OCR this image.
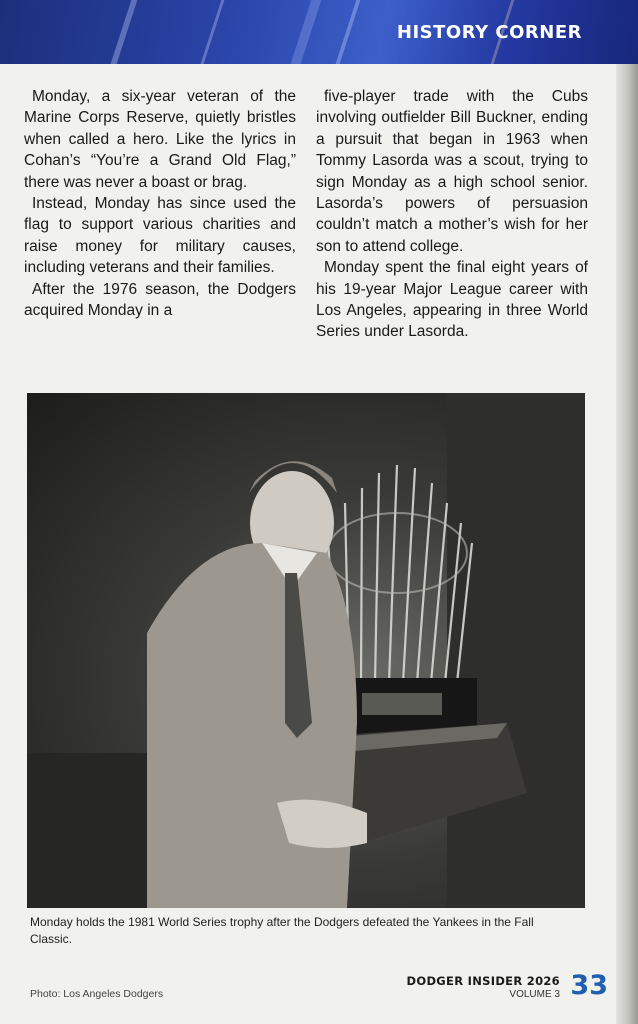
HISTORY CORNER

Monday, a six-year veteran of the Marine Corps Reserve, quietly bristles when called a hero. Like the lyrics in Cohan’s “You’re a Grand Old Flag,” there was never a boast or brag.

Instead, Monday has since used the flag to support various charities and raise money for military causes, including veterans and their families.

After the 1976 season, the Dodgers acquired Monday in a

five-player trade with the Cubs involving outfielder Bill Buckner, ending a pursuit that began in 1963 when Tommy Lasorda was a scout, trying to sign Monday as a high school senior. Lasorda’s powers of persuasion couldn’t match a mother’s wish for her son to attend college.

Monday spent the final eight years of his 19-year Major League career with Los Angeles, appearing in three World Series under Lasorda.

Monday holds the 1981 World Series trophy after the Dodgers defeated the Yankees in the Fall Classic.
Photo: Los Angeles Dodgers
DODGER INSIDER 2026
VOLUME 3 33
